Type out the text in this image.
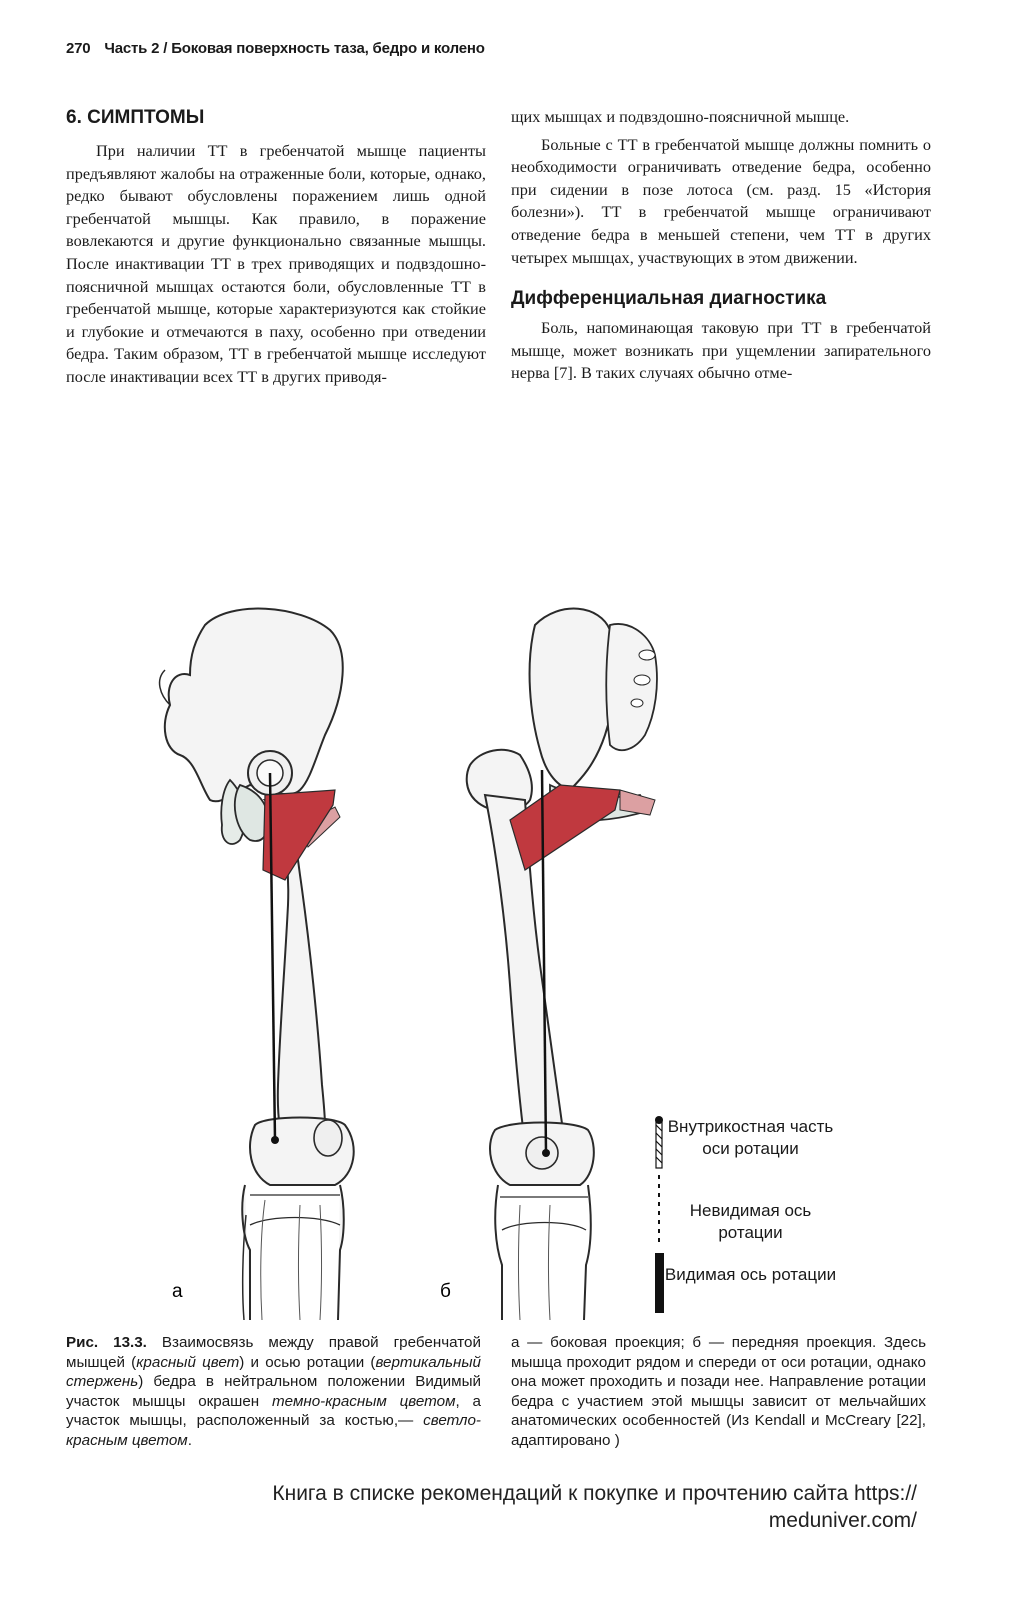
270 Часть 2 / Боковая поверхность таза, бедро и колено
6. СИМПТОМЫ

При наличии ТТ в гребенчатой мышце пациенты предъявляют жалобы на отраженные боли, которые, однако, редко бывают обусловлены поражением лишь одной гребенчатой мышцы. Как правило, в поражение вовлекаются и другие функционально связанные мышцы. После инактивации ТТ в трех приводящих и подвздошно-поясничной мышцах остаются боли, обусловленные ТТ в гребенчатой мышце, которые характеризуются как стойкие и глубокие и отмечаются в паху, особенно при отведении бедра. Таким образом, ТТ в гребенчатой мышце исследуют после инактивации всех ТТ в других приводя-

щих мышцах и подвздошно-поясничной мышце.

Больные с ТТ в гребенчатой мышце должны помнить о необходимости ограничивать отведение бедра, особенно при сидении в позе лотоса (см. разд. 15 «История болезни»). ТТ в гребенчатой мышце ограничивают отведение бедра в меньшей степени, чем ТТ в других четырех мышцах, участвующих в этом движении.

Дифференциальная диагностика

Боль, напоминающая таковую при ТТ в гребенчатой мышце, может возникать при ущемлении запирательного нерва [7]. В таких случаях обычно отме-

а	б
Внутрикостная часть оси ротации
Невидимая ось ротации
Видимая ось ротации
Рис. 13.3. Взаимосвязь между правой гребенчатой мышцей (красный цвет) и осью ротации (вертикальный стержень) бедра в нейтральном положении Видимый участок мышцы окрашен темно-красным цветом, а участок мышцы, расположенный за костью,— светло-красным цветом.
а — боковая проекция; б — передняя проекция. Здесь мышца проходит рядом и спереди от оси ротации, однако она может проходить и позади нее. Направление ротации бедра с участием этой мышцы зависит от мельчайших анатомических особенностей (Из Kendall и McCreary [22], адаптировано )
Книга в списке рекомендаций к покупке и прочтению сайта https://
meduniver.com/
